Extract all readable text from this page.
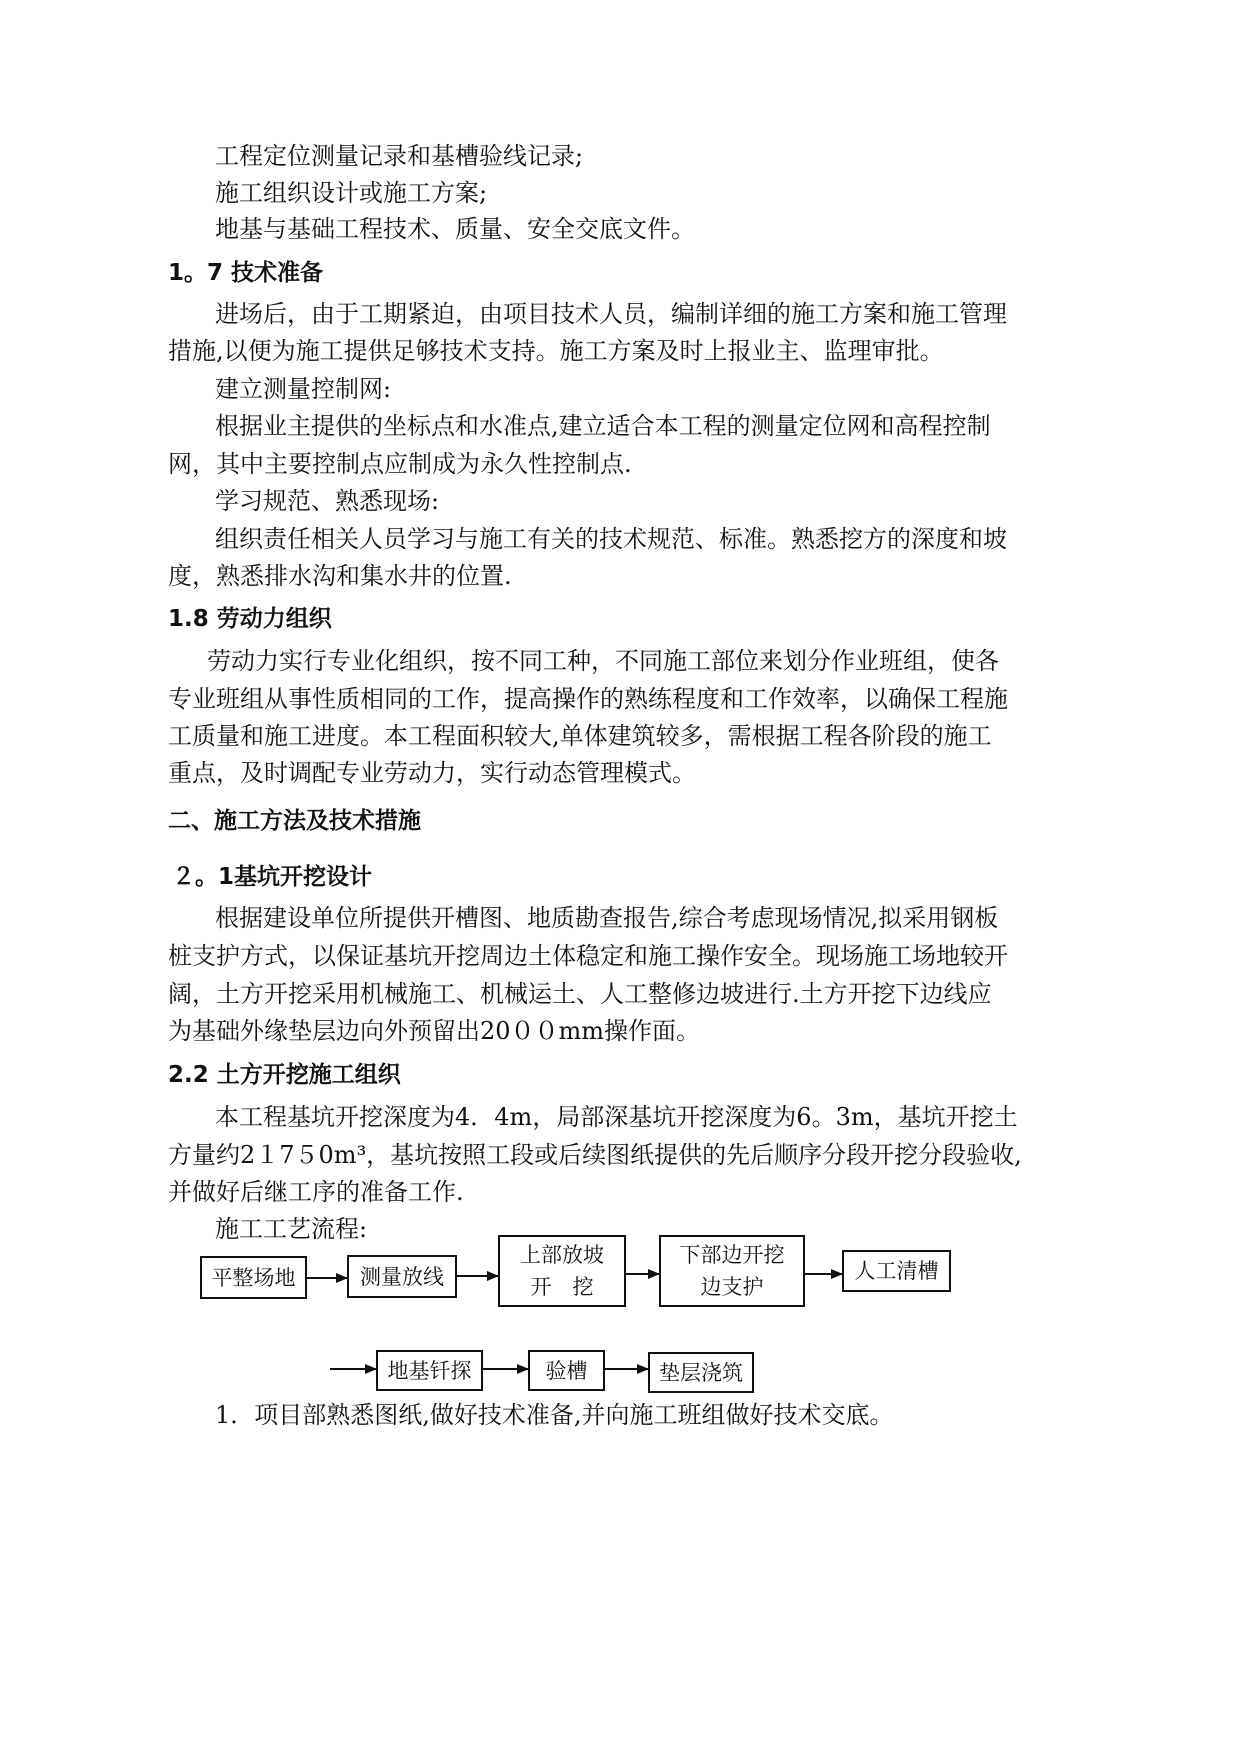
工程定位测量记录和基槽验线记录;
施工组织设计或施工方案;
地基与基础工程技术、质量、安全交底文件。
1。7 技术准备
进场后，由于工期紧迫，由项目技术人员，编制详细的施工方案和施工管理
措施,以便为施工提供足够技术支持。施工方案及时上报业主、监理审批。
建立测量控制网:
根据业主提供的坐标点和水准点,建立适合本工程的测量定位网和高程控制
网，其中主要控制点应制成为永久性控制点.
学习规范、熟悉现场:
组织责任相关人员学习与施工有关的技术规范、标准。熟悉挖方的深度和坡
度，熟悉排水沟和集水井的位置.
1.8 劳动力组织
劳动力实行专业化组织，按不同工种，不同施工部位来划分作业班组，使各
专业班组从事性质相同的工作，提高操作的熟练程度和工作效率，以确保工程施
工质量和施工进度。本工程面积较大,单体建筑较多，需根据工程各阶段的施工
重点，及时调配专业劳动力，实行动态管理模式。
二、施工方法及技术措施
２。1基坑开挖设计
根据建设单位所提供开槽图、地质勘查报告,综合考虑现场情况,拟采用钢板
桩支护方式，以保证基坑开挖周边土体稳定和施工操作安全。现场施工场地较开
阔，土方开挖采用机械施工、机械运土、人工整修边坡进行.土方开挖下边线应
为基础外缘垫层边向外预留出20００mm操作面。
2.2 土方开挖施工组织
本工程基坑开挖深度为4．4m，局部深基坑开挖深度为6。3m，基坑开挖土
方量约2１7５0m³，基坑按照工段或后续图纸提供的先后顺序分段开挖分段验收,
并做好后继工序的准备工作.
施工工艺流程:
平整场地	测量放线
上部放坡
开　挖
下部边开挖
边支护
人工清槽
地基钎探	验槽	垫层浇筑
1．项目部熟悉图纸,做好技术准备,并向施工班组做好技术交底。
